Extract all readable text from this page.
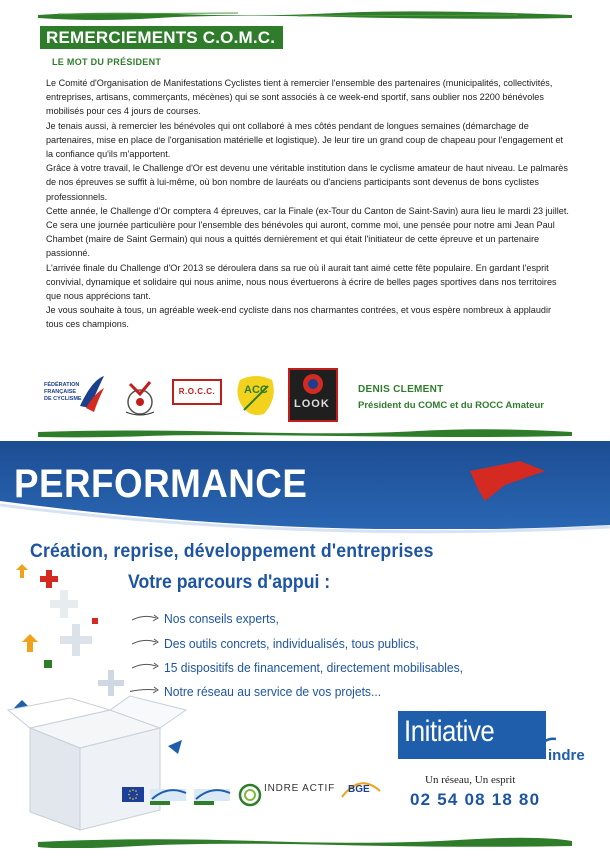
REMERCIEMENTS C.O.M.C.
LE MOT DU PRÉSIDENT

Le Comité d'Organisation de Manifestations Cyclistes tient à remercier l'ensemble des partenaires (municipalités, collectivités, entreprises, artisans, commerçants, mécènes) qui se sont associés à ce week-end sportif, sans oublier nos 2200 bénévoles mobilisés pour ces 4 jours de courses.

Je tenais aussi, à remercier les bénévoles qui ont collaboré à mes côtés pendant de longues semaines (démarchage de partenaires, mise en place de l'organisation matérielle et logistique). Je leur tire un grand coup de chapeau pour l'engagement et la confiance qu'ils m'apportent.

Grâce à votre travail, le Challenge d'Or est devenu une véritable institution dans le cyclisme amateur de haut niveau. Le palmarès de nos épreuves se suffit à lui-même, où bon nombre de lauréats ou d'anciens participants sont devenus de bons cyclistes professionnels.

Cette année, le Challenge d'Or comptera 4 épreuves, car la Finale (ex-Tour du Canton de Saint-Savin) aura lieu le mardi 23 juillet. Ce sera une journée particulière pour l'ensemble des bénévoles qui auront, comme moi, une pensée pour notre ami Jean Paul Chambet (maire de Saint Germain) qui nous a quittés dernièrement et qui était l'initiateur de cette épreuve et un partenaire passionné.

L'arrivée finale du Challenge d'Or 2013 se déroulera dans sa rue où il aurait tant aimé cette fête populaire. En gardant l'esprit convivial, dynamique et solidaire qui nous anime, nous nous évertuerons à écrire de belles pages sportives dans nos territoires que nous apprécions tant.

Je vous souhaite à tous, un agréable week-end cycliste dans nos charmantes contrées, et vous espère nombreux à applaudir tous ces champions.

FÉDÉRATION
FRANÇAISE
DE CYCLISME
R.O.C.C.	ACC
LOOK
DENIS CLEMENT
Président du COMC et du ROCC Amateur
PERFORMANCE
Création, reprise, développement d'entreprises
Votre parcours d'appui :
Nos conseils experts,
Des outils concrets, individualisés, tous publics,
15 dispositifs de financement, directement mobilisables,
Notre réseau au service de vos projets...
Initiative
indre
Un réseau, Un esprit
02 54 08 18 80
INDRE ACTIF BGE
